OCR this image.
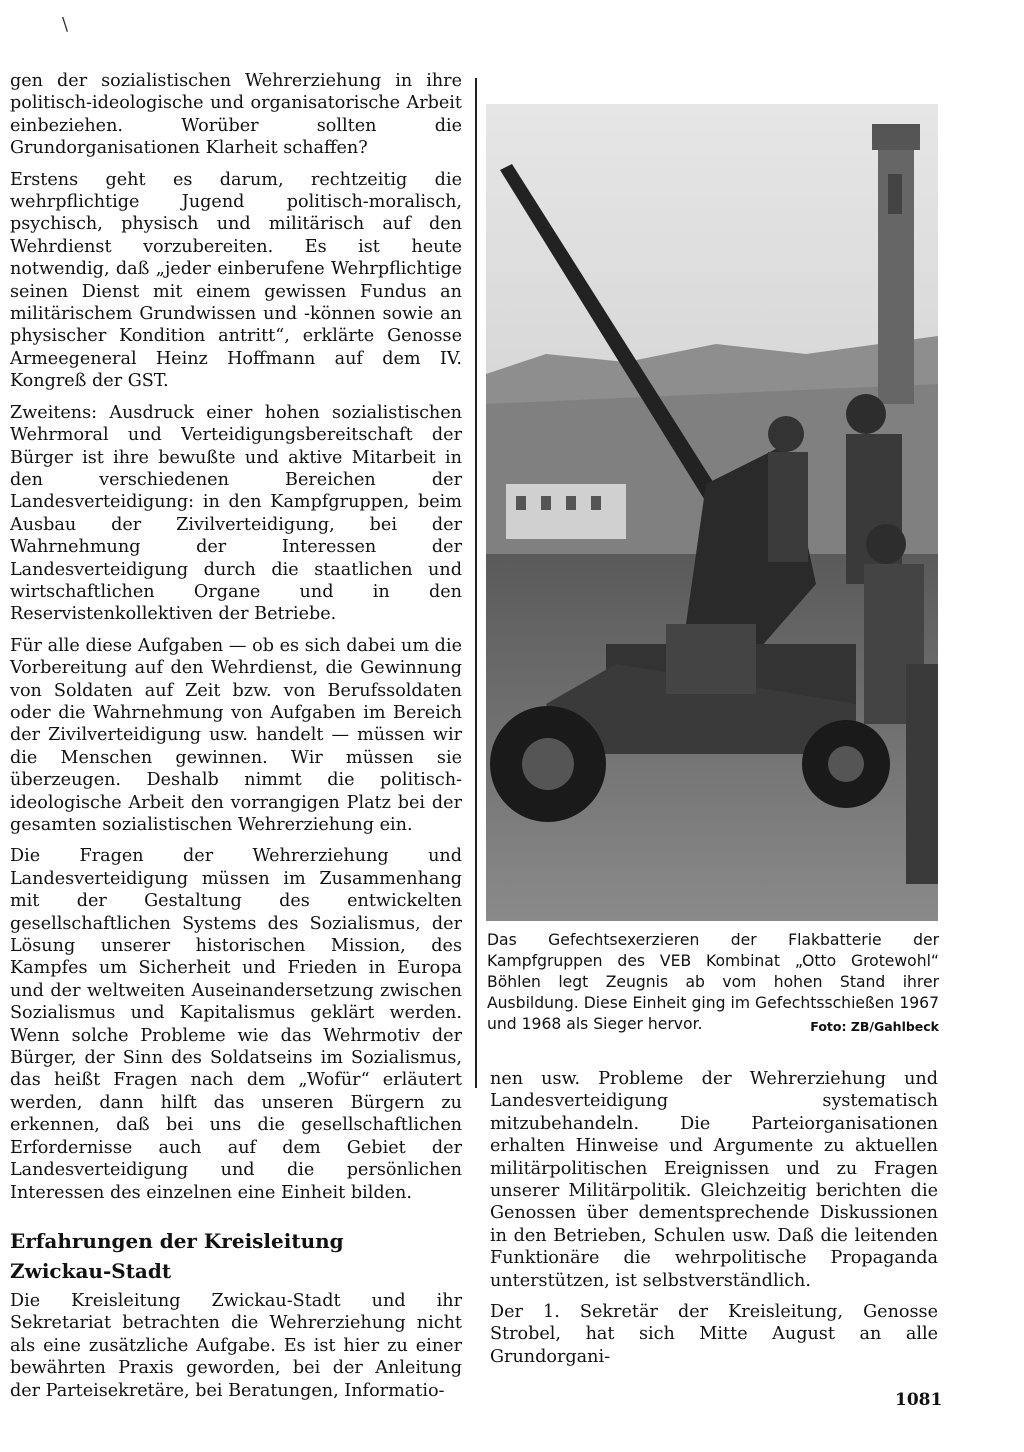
\

gen der sozialistischen Wehrerziehung in ihre politisch-ideologische und organisatorische Arbeit einbeziehen. Worüber sollten die Grundorganisationen Klarheit schaffen?

Erstens geht es darum, rechtzeitig die wehrpflichtige Jugend politisch-moralisch, psychisch, physisch und militärisch auf den Wehrdienst vorzubereiten. Es ist heute notwendig, daß „jeder einberufene Wehrpflichtige seinen Dienst mit einem gewissen Fundus an militärischem Grundwissen und -können sowie an physischer Kondition antritt“, erklärte Genosse Armeegeneral Heinz Hoffmann auf dem IV. Kongreß der GST.

Zweitens: Ausdruck einer hohen sozialistischen Wehrmoral und Verteidigungsbereitschaft der Bürger ist ihre bewußte und aktive Mitarbeit in den verschiedenen Bereichen der Landesverteidigung: in den Kampfgruppen, beim Ausbau der Zivilverteidigung, bei der Wahrnehmung der Interessen der Landesverteidigung durch die staatlichen und wirtschaftlichen Organe und in den Reservistenkollektiven der Betriebe.

Für alle diese Aufgaben — ob es sich dabei um die Vorbereitung auf den Wehrdienst, die Gewinnung von Soldaten auf Zeit bzw. von Berufssoldaten oder die Wahrnehmung von Aufgaben im Bereich der Zivilverteidigung usw. handelt — müssen wir die Menschen gewinnen. Wir müssen sie überzeugen. Deshalb nimmt die politisch-ideologische Arbeit den vorrangigen Platz bei der gesamten sozialistischen Wehrerziehung ein.

Die Fragen der Wehrerziehung und Landesverteidigung müssen im Zusammenhang mit der Gestaltung des entwickelten gesellschaftlichen Systems des Sozialismus, der Lösung unserer historischen Mission, des Kampfes um Sicherheit und Frieden in Europa und der weltweiten Auseinandersetzung zwischen Sozialismus und Kapitalismus geklärt werden. Wenn solche Probleme wie das Wehrmotiv der Bürger, der Sinn des Soldatseins im Sozialismus, das heißt Fragen nach dem „Wofür“ erläutert werden, dann hilft das unseren Bürgern zu erkennen, daß bei uns die gesellschaftlichen Erfordernisse auch auf dem Gebiet der Landesverteidigung und die persönlichen Interessen des einzelnen eine Einheit bilden.

Erfahrungen der Kreisleitung
Zwickau-Stadt

Die Kreisleitung Zwickau-Stadt und ihr Sekretariat betrachten die Wehrerziehung nicht als eine zusätzliche Aufgabe. Es ist hier zu einer bewährten Praxis geworden, bei der Anleitung der Parteisekretäre, bei Beratungen, Informatio-

Das Gefechtsexerzieren der Flakbatterie der Kampfgruppen des VEB Kombinat „Otto Grotewohl“ Böhlen legt Zeugnis ab vom hohen Stand ihrer Ausbildung. Diese Einheit ging im Gefechtsschießen 1967 und 1968 als Sieger hervor.	Foto: ZB/Gahlbeck

nen usw. Probleme der Wehrerziehung und Landesverteidigung systematisch mitzubehandeln. Die Parteiorganisationen erhalten Hinweise und Argumente zu aktuellen militärpolitischen Ereignissen und zu Fragen unserer Militärpolitik. Gleichzeitig berichten die Genossen über dementsprechende Diskussionen in den Betrieben, Schulen usw. Daß die leitenden Funktionäre die wehrpolitische Propaganda unterstützen, ist selbstverständlich.

Der 1. Sekretär der Kreisleitung, Genosse Strobel, hat sich Mitte August an alle Grundorgani-

1081
